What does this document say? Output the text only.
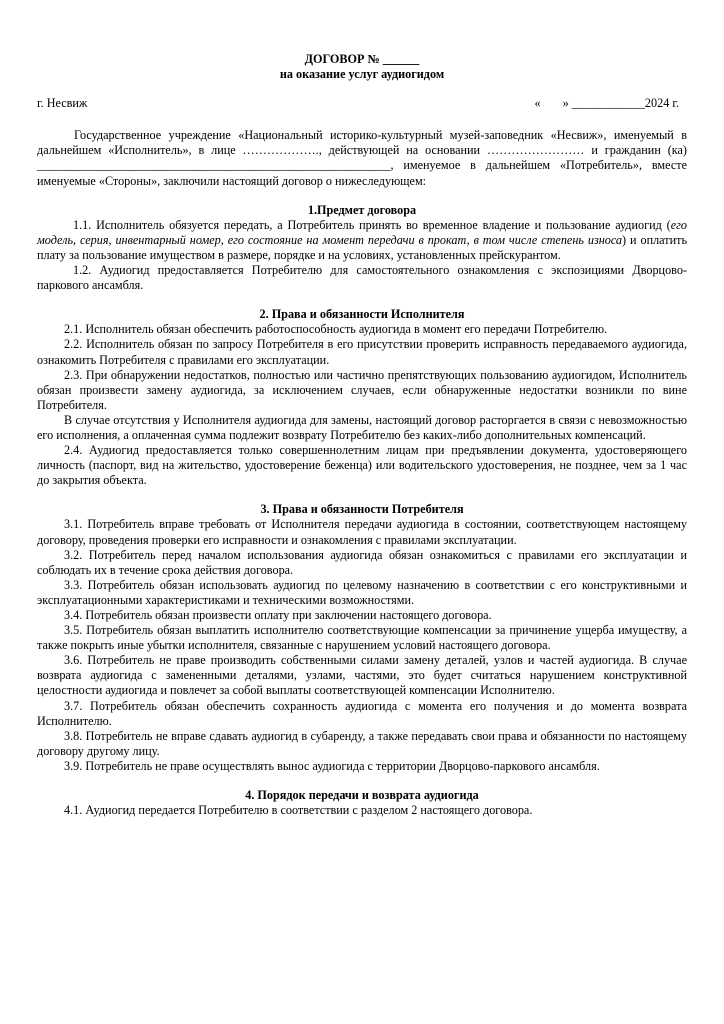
ДОГОВОР № ______
на оказание услуг аудиогидом
г. Несвиж	« » ____________2024 г.

Государственное учреждение «Национальный историко-культурный музей-заповедник «Несвиж», именуемый в дальнейшем «Исполнитель», в лице ………………., действующей на основании …………………… и гражданин (ка) __________________________________________________________, именуемое в дальнейшем «Потребитель», вместе именуемые «Стороны», заключили настоящий договор о нижеследующем:

1.Предмет договора

1.1. Исполнитель обязуется передать, а Потребитель принять во временное владение и пользование аудиогид (его модель, серия, инвентарный номер, его состояние на момент передачи в прокат, в том числе степень износа) и оплатить плату за пользование имуществом в размере, порядке и на условиях, установленных прейскурантом.

1.2. Аудиогид предоставляется Потребителю для самостоятельного ознакомления с экспозициями Дворцово-паркового ансамбля.

2. Права и обязанности Исполнителя

2.1. Исполнитель обязан обеспечить работоспособность аудиогида в момент его передачи Потребителю.

2.2. Исполнитель обязан по запросу Потребителя в его присутствии проверить исправность передаваемого аудиогида, ознакомить Потребителя с правилами его эксплуатации.

2.3. При обнаружении недостатков, полностью или частично препятствующих пользованию аудиогидом, Исполнитель обязан произвести замену аудиогида, за исключением случаев, если обнаруженные недостатки возникли по вине Потребителя.

В случае отсутствия у Исполнителя аудиогида для замены, настоящий договор расторгается в связи с невозможностью его исполнения, а оплаченная сумма подлежит возврату Потребителю без каких-либо дополнительных компенсаций.

2.4. Аудиогид предоставляется только совершеннолетним лицам при предъявлении документа, удостоверяющего личность (паспорт, вид на жительство, удостоверение беженца) или водительского удостоверения, не позднее, чем за 1 час до закрытия объекта.

3. Права и обязанности Потребителя

3.1. Потребитель вправе требовать от Исполнителя передачи аудиогида в состоянии, соответствующем настоящему договору, проведения проверки его исправности и ознакомления с правилами эксплуатации.

3.2. Потребитель перед началом использования аудиогида обязан ознакомиться с правилами его эксплуатации и соблюдать их в течение срока действия договора.

3.3. Потребитель обязан использовать аудиогид по целевому назначению в соответствии с его конструктивными и эксплуатационными характеристиками и техническими возможностями.

3.4. Потребитель обязан произвести оплату при заключении настоящего договора.

3.5. Потребитель обязан выплатить исполнителю соответствующие компенсации за причинение ущерба имуществу, а также покрыть иные убытки исполнителя, связанные с нарушением условий настоящего договора.

3.6. Потребитель не праве производить собственными силами замену деталей, узлов и частей аудиогида. В случае возврата аудиогида с замененными деталями, узлами, частями, это будет считаться нарушением конструктивной целостности аудиогида и повлечет за собой выплаты соответствующей компенсации Исполнителю.

3.7. Потребитель обязан обеспечить сохранность аудиогида с момента его получения и до момента возврата Исполнителю.

3.8. Потребитель не вправе сдавать аудиогид в субаренду, а также передавать свои права и обязанности по настоящему договору другому лицу.

3.9. Потребитель не праве осуществлять вынос аудиогида с территории Дворцово-паркового ансамбля.

4. Порядок передачи и возврата аудиогида

4.1. Аудиогид передается Потребителю в соответствии с разделом 2 настоящего договора.
